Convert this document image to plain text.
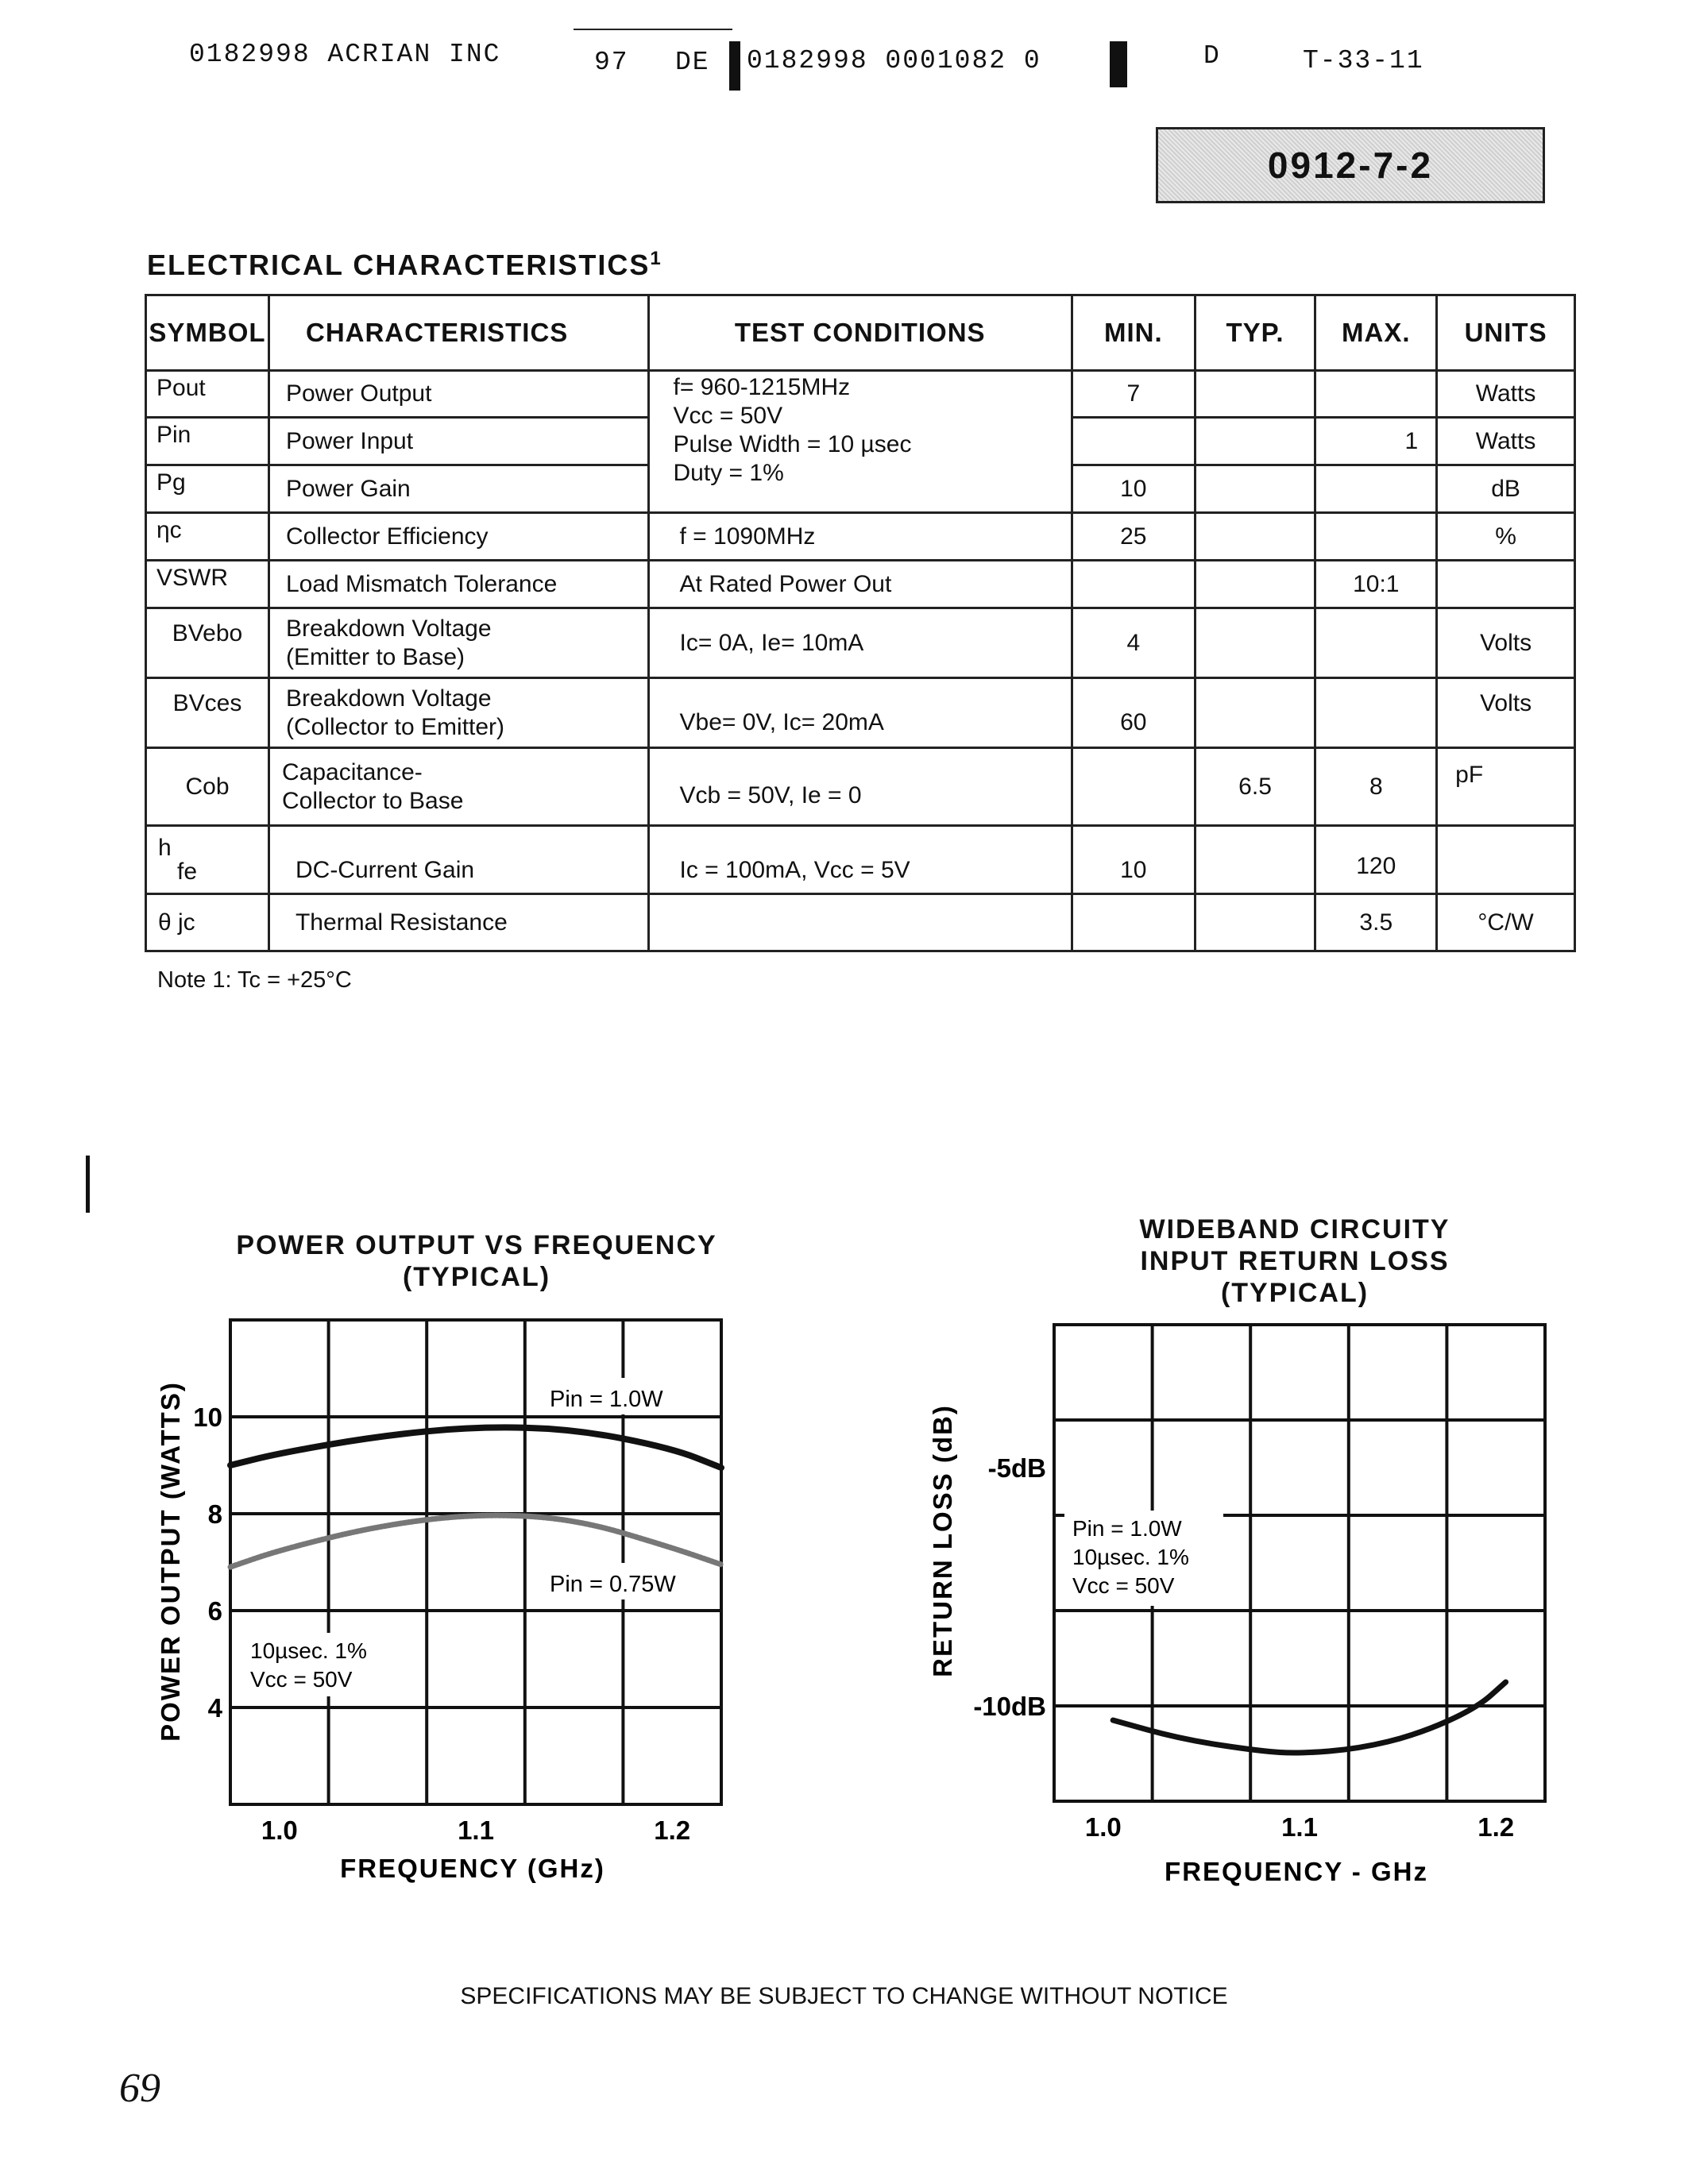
0182998 ACRIAN INC	97 DE 0182998 0001082 0	D	T-33-11
0912-7-2
ELECTRICAL CHARACTERISTICS$^1$
SYMBOL	CHARACTERISTICS	TEST CONDITIONS	MIN.	TYP.	MAX.	UNITS
Pout	Power Output	f= 960-1215MHz
Vcc = 50V
Pulse Width = 10 µsec
Duty = 1%	7			Watts
Pin	Power Input				1	Watts
Pg	Power Gain		10			dB
ηc	Collector Efficiency	f = 1090MHz	25			%
VSWR	Load Mismatch Tolerance	At Rated Power Out			10:1	
BVebo	Breakdown Voltage
(Emitter to Base)	Ic= 0A, Ie= 10mA	4			Volts
BVces	Breakdown Voltage
(Collector to Emitter)	Vbe= 0V, Ic= 20mA	60			Volts
Cob	Capacitance-
Collector to Base	Vcb = 50V, Ie = 0		6.5	8	pF

h
fe	DC-Current Gain	Ic = 100mA, Vcc = 5V	10		120	
θ jc	Thermal Resistance				3.5	°C/W
Note 1: Tc = +25°C
POWER OUTPUT VS FREQUENCY
(TYPICAL)
WIDEBAND CIRCUITY
INPUT RETURN LOSS
(TYPICAL)
1.0	1.1	1.2
4
6
8
10
Pin = 1.0W
Pin = 0.75W
10µsec. 1%
Vcc = 50V
FREQUENCY (GHz)
POWER OUTPUT (WATTS)	Pin = 1.0W
10µsec. 1%
Vcc = 50V
1.0	1.1	1.2
-5dB
-10dB
FREQUENCY - GHz
RETURN LOSS (dB)
SPECIFICATIONS MAY BE SUBJECT TO CHANGE WITHOUT NOTICE
69
